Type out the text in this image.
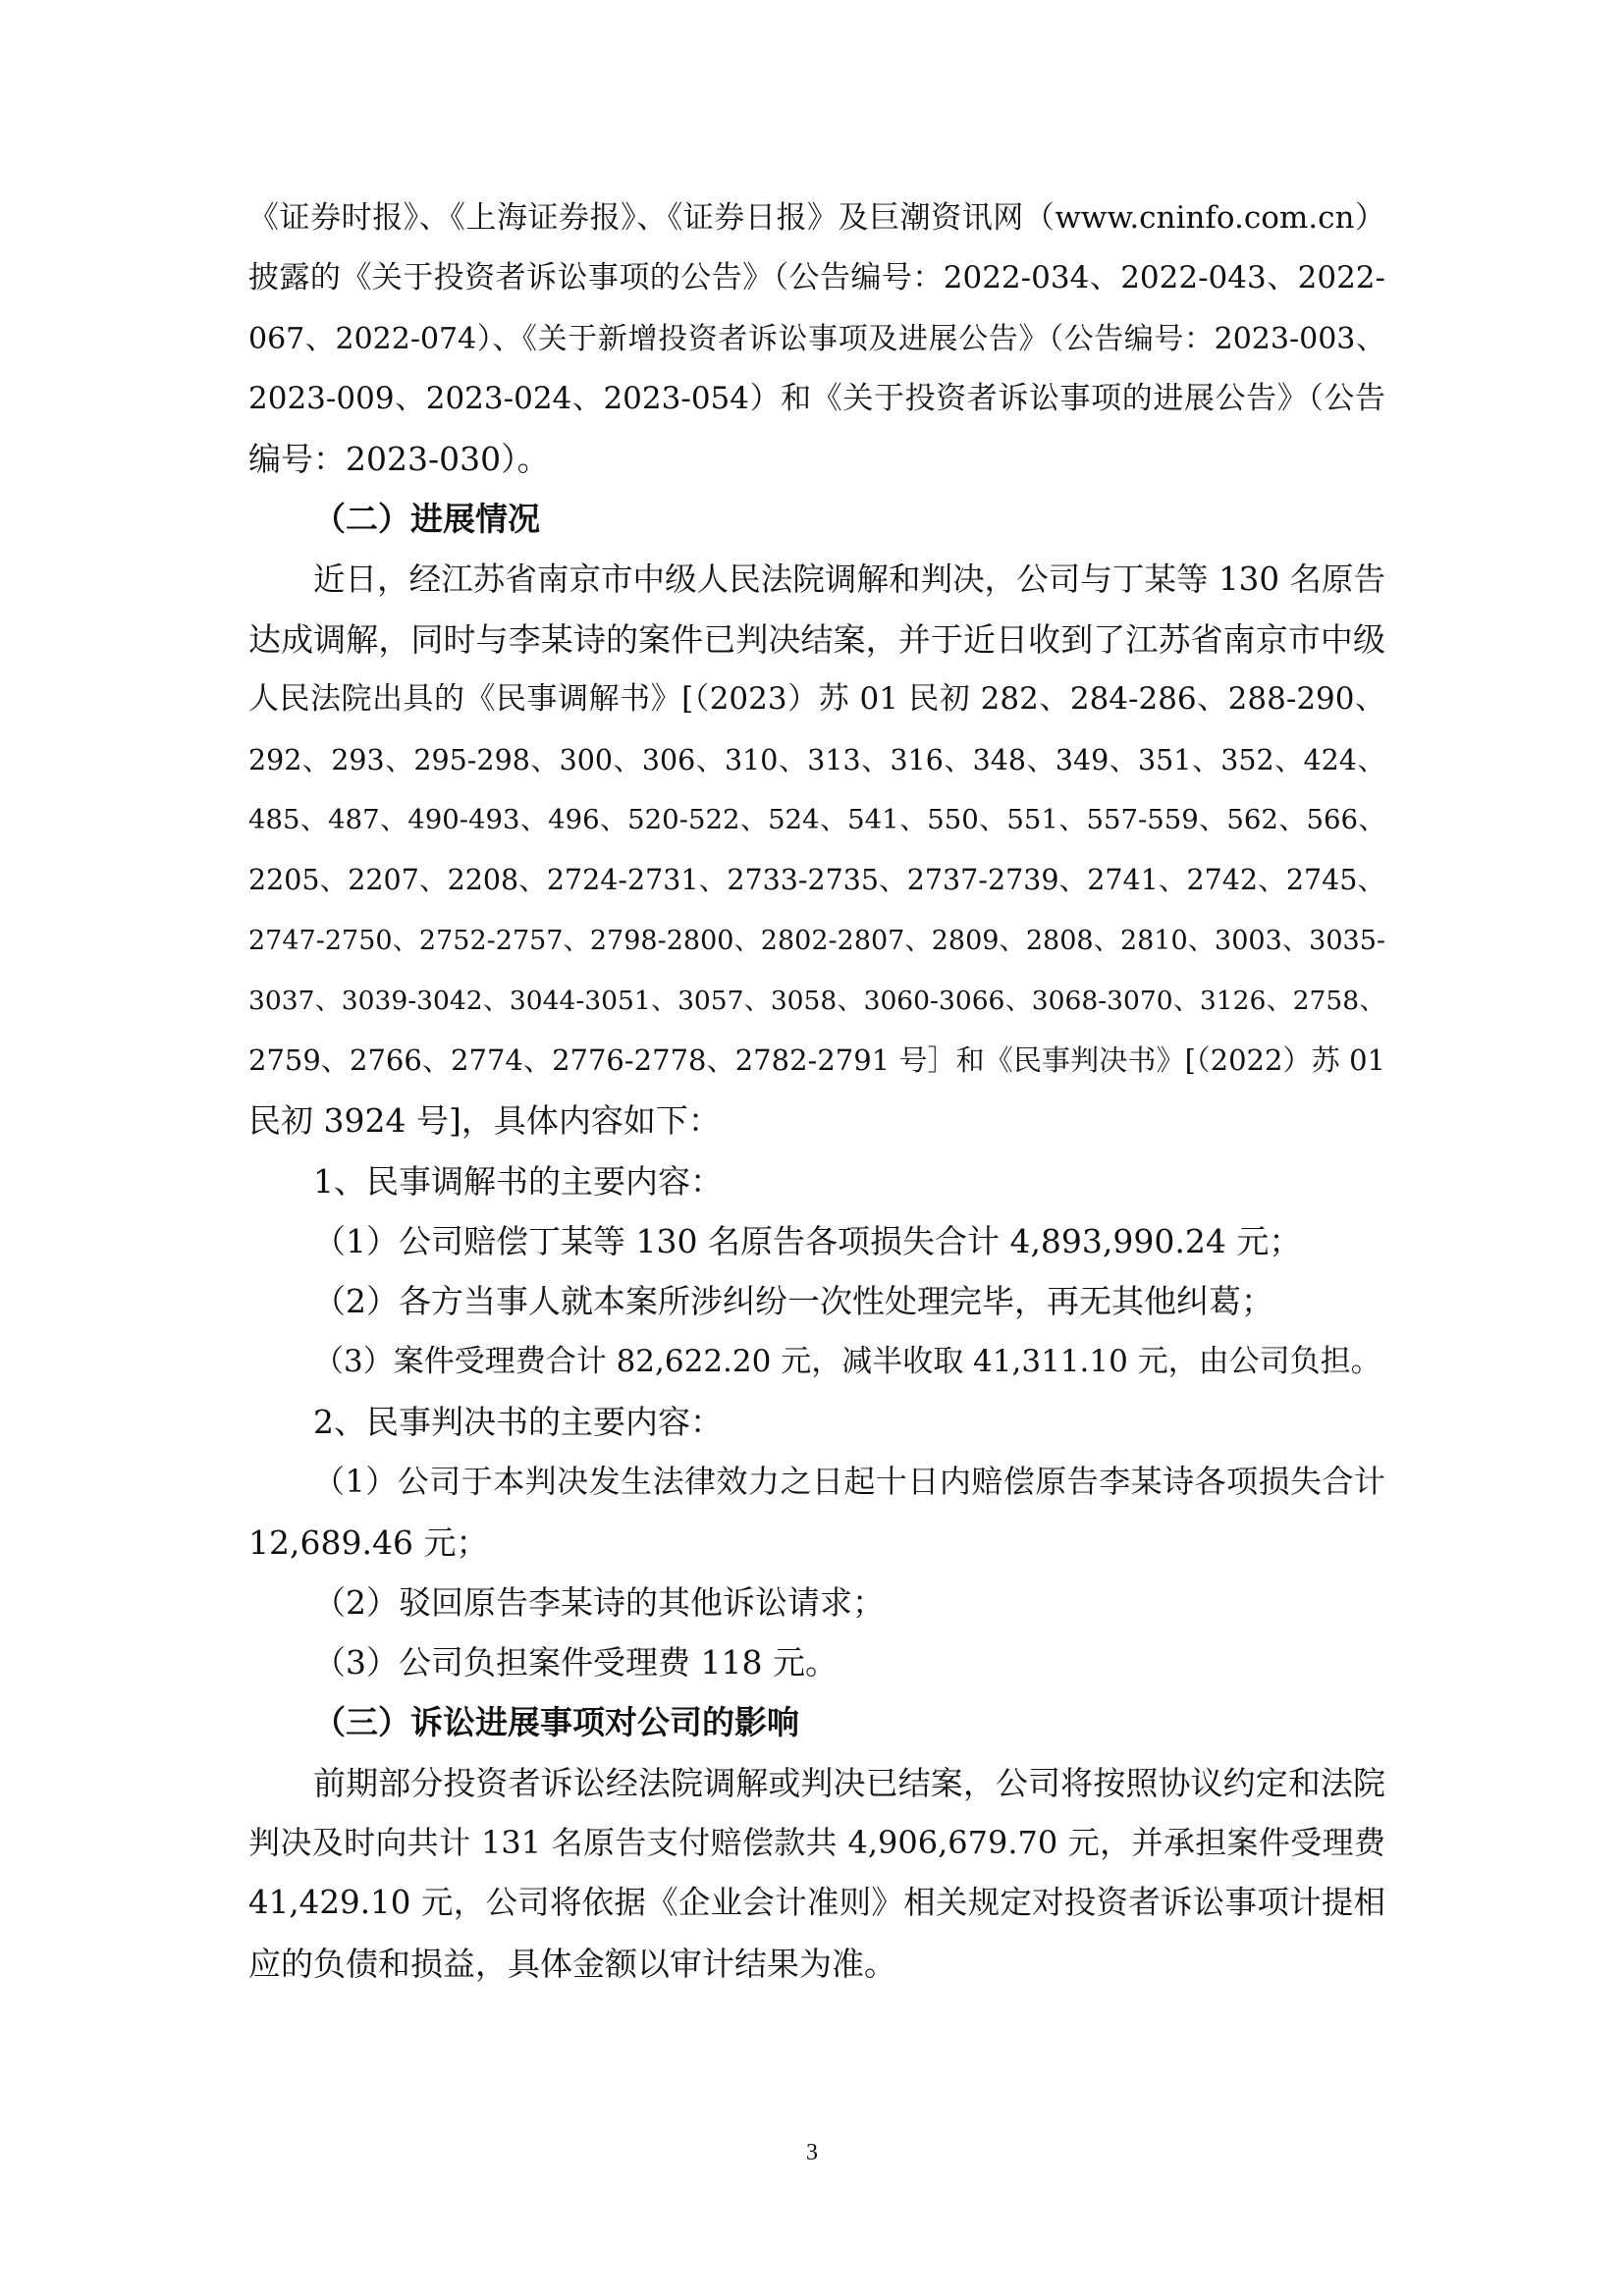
《证券时报》、《上海证券报》、《证券日报》及巨潮资讯网（www.cninfo.com.cn）
披露的《关于投资者诉讼事项的公告》（公告编号：2022-034、2022-043、2022-
067、2022-074）、《关于新增投资者诉讼事项及进展公告》（公告编号：2023-003、
2023-009、2023-024、2023-054）和《关于投资者诉讼事项的进展公告》（公告
编号：2023-030）。
（二）进展情况
近日，经江苏省南京市中级人民法院调解和判决，公司与丁某等 130 名原告
达成调解，同时与李某诗的案件已判决结案，并于近日收到了江苏省南京市中级
人民法院出具的《民事调解书》[（2023）苏 01 民初 282、284-286、288-290、
292、293、295-298、300、306、310、313、316、348、349、351、352、424、
485、487、490-493、496、520-522、524、541、550、551、557-559、562、566、
2205、2207、2208、2724-2731、2733-2735、2737-2739、2741、2742、2745、
2747-2750、2752-2757、2798-2800、2802-2807、2809、2808、2810、3003、3035-
3037、3039-3042、3044-3051、3057、3058、3060-3066、3068-3070、3126、2758、
2759、2766、2774、2776-2778、2782-2791 号］和《民事判决书》[（2022）苏 01
民初 3924 号]，具体内容如下：
1、民事调解书的主要内容：
（1）公司赔偿丁某等 130 名原告各项损失合计 4,893,990.24 元；
（2）各方当事人就本案所涉纠纷一次性处理完毕，再无其他纠葛；
（3）案件受理费合计 82,622.20 元，减半收取 41,311.10 元，由公司负担。
2、民事判决书的主要内容：
（1）公司于本判决发生法律效力之日起十日内赔偿原告李某诗各项损失合计
12,689.46 元；
（2）驳回原告李某诗的其他诉讼请求；
（3）公司负担案件受理费 118 元。
（三）诉讼进展事项对公司的影响
前期部分投资者诉讼经法院调解或判决已结案，公司将按照协议约定和法院
判决及时向共计 131 名原告支付赔偿款共 4,906,679.70 元，并承担案件受理费
41,429.10 元，公司将依据《企业会计准则》相关规定对投资者诉讼事项计提相
应的负债和损益，具体金额以审计结果为准。
3
